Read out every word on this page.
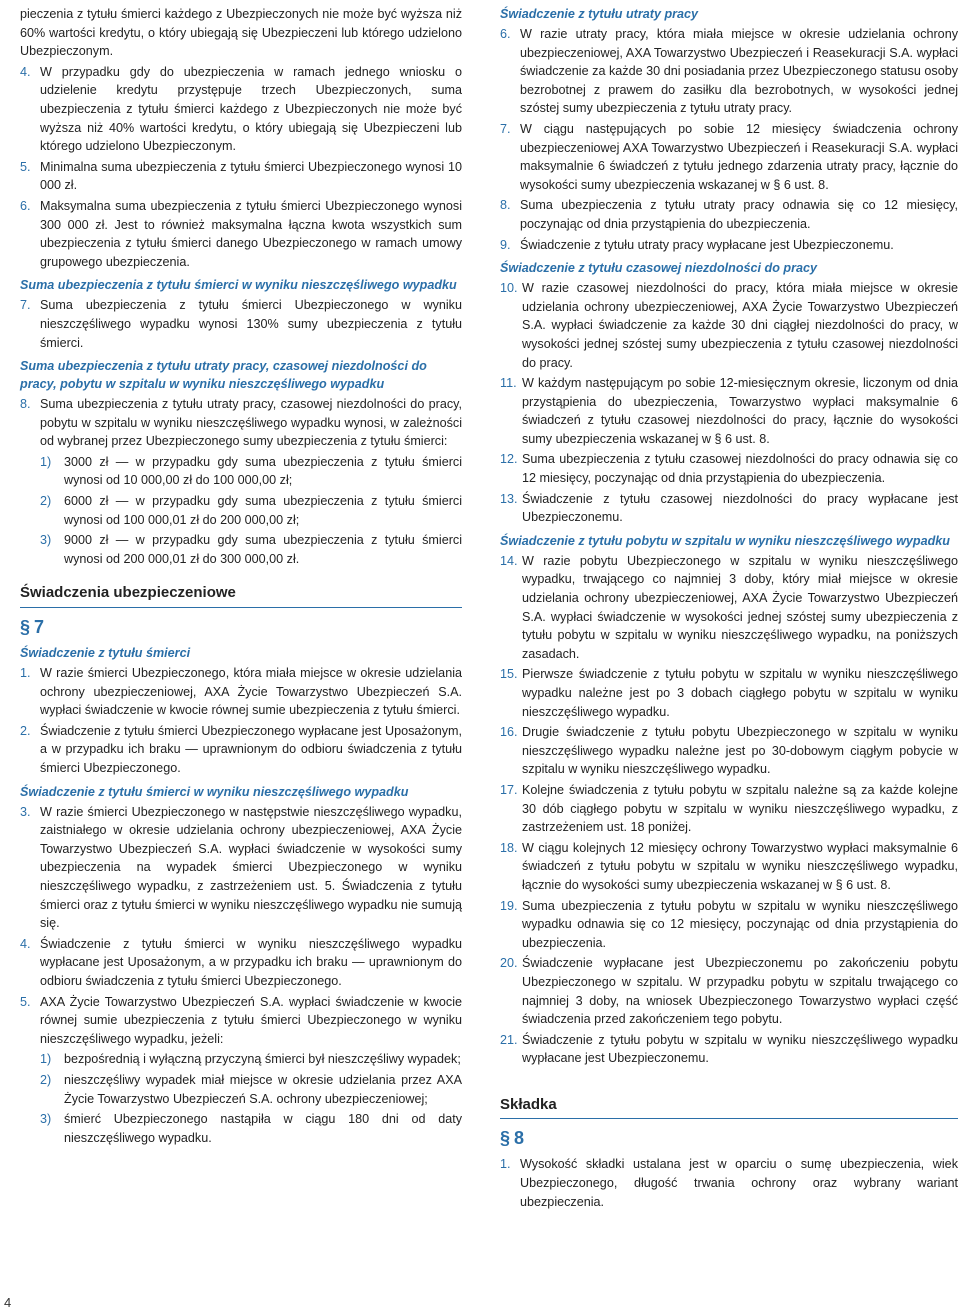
pieczenia z tytułu śmierci każdego z Ubezpieczonych nie może być wyższa niż 60% wartości kredytu, o który ubiegają się Ubezpieczeni lub którego udzielono Ubezpieczonym.

4. W przypadku gdy do ubezpieczenia w ramach jednego wniosku o udzielenie kredytu przystępuje trzech Ubezpieczonych, suma ubezpieczenia z tytułu śmierci każdego z Ubezpieczonych nie może być wyższa niż 40% wartości kredytu, o który ubiegają się Ubezpieczeni lub którego udzielono Ubezpieczonym.
5. Minimalna suma ubezpieczenia z tytułu śmierci Ubezpieczonego wynosi 10 000 zł.
6. Maksymalna suma ubezpieczenia z tytułu śmierci Ubezpieczonego wynosi 300 000 zł. Jest to również maksymalna łączna kwota wszystkich sum ubezpieczenia z tytułu śmierci danego Ubezpieczonego w ramach umowy grupowego ubezpieczenia.
Suma ubezpieczenia z tytułu śmierci w wyniku nieszczęśliwego wypadku
7. Suma ubezpieczenia z tytułu śmierci Ubezpieczonego w wyniku nieszczęśliwego wypadku wynosi 130% sumy ubezpieczenia z tytułu śmierci.
Suma ubezpieczenia z tytułu utraty pracy, czasowej niezdolności do pracy, pobytu w szpitalu w wyniku nieszczęśliwego wypadku
8. Suma ubezpieczenia z tytułu utraty pracy, czasowej niezdolności do pracy, pobytu w szpitalu w wyniku nieszczęśliwego wypadku wynosi, w zależności od wybranej przez Ubezpieczonego sumy ubezpieczenia z tytułu śmierci:
1)	3000 zł — w przypadku gdy suma ubezpieczenia z tytułu śmierci wynosi od 10 000,00 zł do 100 000,00 zł;
2)	6000 zł — w przypadku gdy suma ubezpieczenia z tytułu śmierci wynosi od 100 000,01 zł do 200 000,00 zł;
3)	9000 zł — w przypadku gdy suma ubezpieczenia z tytułu śmierci wynosi od 200 000,01 zł do 300 000,00 zł.
Świadczenia ubezpieczeniowe
§ 7
Świadczenie z tytułu śmierci
1. W razie śmierci Ubezpieczonego, która miała miejsce w okresie udzielania ochrony ubezpieczeniowej, AXA Życie Towarzystwo Ubezpieczeń S.A. wypłaci świadczenie w kwocie równej sumie ubezpieczenia z tytułu śmierci.
2. Świadczenie z tytułu śmierci Ubezpieczonego wypłacane jest Uposażonym, a w przypadku ich braku — uprawnionym do odbioru świadczenia z tytułu śmierci Ubezpieczonego.
Świadczenie z tytułu śmierci w wyniku nieszczęśliwego wypadku
3. W razie śmierci Ubezpieczonego w następstwie nieszczęśliwego wypadku, zaistniałego w okresie udzielania ochrony ubezpieczeniowej, AXA Życie Towarzystwo Ubezpieczeń S.A. wypłaci świadczenie w wysokości sumy ubezpieczenia na wypadek śmierci Ubezpieczonego w wyniku nieszczęśliwego wypadku, z zastrzeżeniem ust. 5. Świadczenia z tytułu śmierci oraz z tytułu śmierci w wyniku nieszczęśliwego wypadku nie sumują się.
4. Świadczenie z tytułu śmierci w wyniku nieszczęśliwego wypadku wypłacane jest Uposażonym, a w przypadku ich braku — uprawnionym do odbioru świadczenia z tytułu śmierci Ubezpieczonego.
5. AXA Życie Towarzystwo Ubezpieczeń S.A. wypłaci świadczenie w kwocie równej sumie ubezpieczenia z tytułu śmierci Ubezpieczonego w wyniku nieszczęśliwego wypadku, jeżeli:
1)	bezpośrednią i wyłączną przyczyną śmierci był nieszczęśliwy wypadek;
2)	nieszczęśliwy wypadek miał miejsce w okresie udzielania przez AXA Życie Towarzystwo Ubezpieczeń S.A. ochrony ubezpieczeniowej;
3)	śmierć Ubezpieczonego nastąpiła w ciągu 180 dni od daty nieszczęśliwego wypadku.
Świadczenie z tytułu utraty pracy
6. W razie utraty pracy, która miała miejsce w okresie udzielania ochrony ubezpieczeniowej, AXA Towarzystwo Ubezpieczeń i Reasekuracji S.A. wypłaci świadczenie za każde 30 dni posiadania przez Ubezpieczonego statusu osoby bezrobotnej z prawem do zasiłku dla bezrobotnych, w wysokości jednej szóstej sumy ubezpieczenia z tytułu utraty pracy.
7. W ciągu następujących po sobie 12 miesięcy świadczenia ochrony ubezpieczeniowej AXA Towarzystwo Ubezpieczeń i Reasekuracji S.A. wypłaci maksymalnie 6 świadczeń z tytułu jednego zdarzenia utraty pracy, łącznie do wysokości sumy ubezpieczenia wskazanej w § 6 ust. 8.
8. Suma ubezpieczenia z tytułu utraty pracy odnawia się co 12 miesięcy, poczynając od dnia przystąpienia do ubezpieczenia.
9. Świadczenie z tytułu utraty pracy wypłacane jest Ubezpieczonemu.
Świadczenie z tytułu czasowej niezdolności do pracy
10. W razie czasowej niezdolności do pracy, która miała miejsce w okresie udzielania ochrony ubezpieczeniowej, AXA Życie Towarzystwo Ubezpieczeń S.A. wypłaci świadczenie za każde 30 dni ciągłej niezdolności do pracy, w wysokości jednej szóstej sumy ubezpieczenia z tytułu czasowej niezdolności do pracy.
11. W każdym następującym po sobie 12-miesięcznym okresie, liczonym od dnia przystąpienia do ubezpieczenia, Towarzystwo wypłaci maksymalnie 6 świadczeń z tytułu czasowej niezdolności do pracy, łącznie do wysokości sumy ubezpieczenia wskazanej w § 6 ust. 8.
12. Suma ubezpieczenia z tytułu czasowej niezdolności do pracy odnawia się co 12 miesięcy, poczynając od dnia przystąpienia do ubezpieczenia.
13. Świadczenie z tytułu czasowej niezdolności do pracy wypłacane jest Ubezpieczonemu.
Świadczenie z tytułu pobytu w szpitalu w wyniku nieszczęśliwego wypadku
14. W razie pobytu Ubezpieczonego w szpitalu w wyniku nieszczęśliwego wypadku, trwającego co najmniej 3 doby, który miał miejsce w okresie udzielania ochrony ubezpieczeniowej, AXA Życie Towarzystwo Ubezpieczeń S.A. wypłaci świadczenie w wysokości jednej szóstej sumy ubezpieczenia z tytułu pobytu w szpitalu w wyniku nieszczęśliwego wypadku, na poniższych zasadach.
15. Pierwsze świadczenie z tytułu pobytu w szpitalu w wyniku nieszczęśliwego wypadku należne jest po 3 dobach ciągłego pobytu w szpitalu w wyniku nieszczęśliwego wypadku.
16. Drugie świadczenie z tytułu pobytu Ubezpieczonego w szpitalu w wyniku nieszczęśliwego wypadku należne jest po 30-dobowym ciągłym pobycie w szpitalu w wyniku nieszczęśliwego wypadku.
17. Kolejne świadczenia z tytułu pobytu w szpitalu należne są za każde kolejne 30 dób ciągłego pobytu w szpitalu w wyniku nieszczęśliwego wypadku, z zastrzeżeniem ust. 18 poniżej.
18. W ciągu kolejnych 12 miesięcy ochrony Towarzystwo wypłaci maksymalnie 6 świadczeń z tytułu pobytu w szpitalu w wyniku nieszczęśliwego wypadku, łącznie do wysokości sumy ubezpieczenia wskazanej w § 6 ust. 8.
19. Suma ubezpieczenia z tytułu pobytu w szpitalu w wyniku nieszczęśliwego wypadku odnawia się co 12 miesięcy, poczynając od dnia przystąpienia do ubezpieczenia.
20. Świadczenie wypłacane jest Ubezpieczonemu po zakończeniu pobytu Ubezpieczonego w szpitalu. W przypadku pobytu w szpitalu trwającego co najmniej 3 doby, na wniosek Ubezpieczonego Towarzystwo wypłaci część świadczenia przed zakończeniem tego pobytu.
21. Świadczenie z tytułu pobytu w szpitalu w wyniku nieszczęśliwego wypadku wypłacane jest Ubezpieczonemu.
Składka
§ 8
1. Wysokość składki ustalana jest w oparciu o sumę ubezpieczenia, wiek Ubezpieczonego, długość trwania ochrony oraz wybrany wariant ubezpieczenia.
4
